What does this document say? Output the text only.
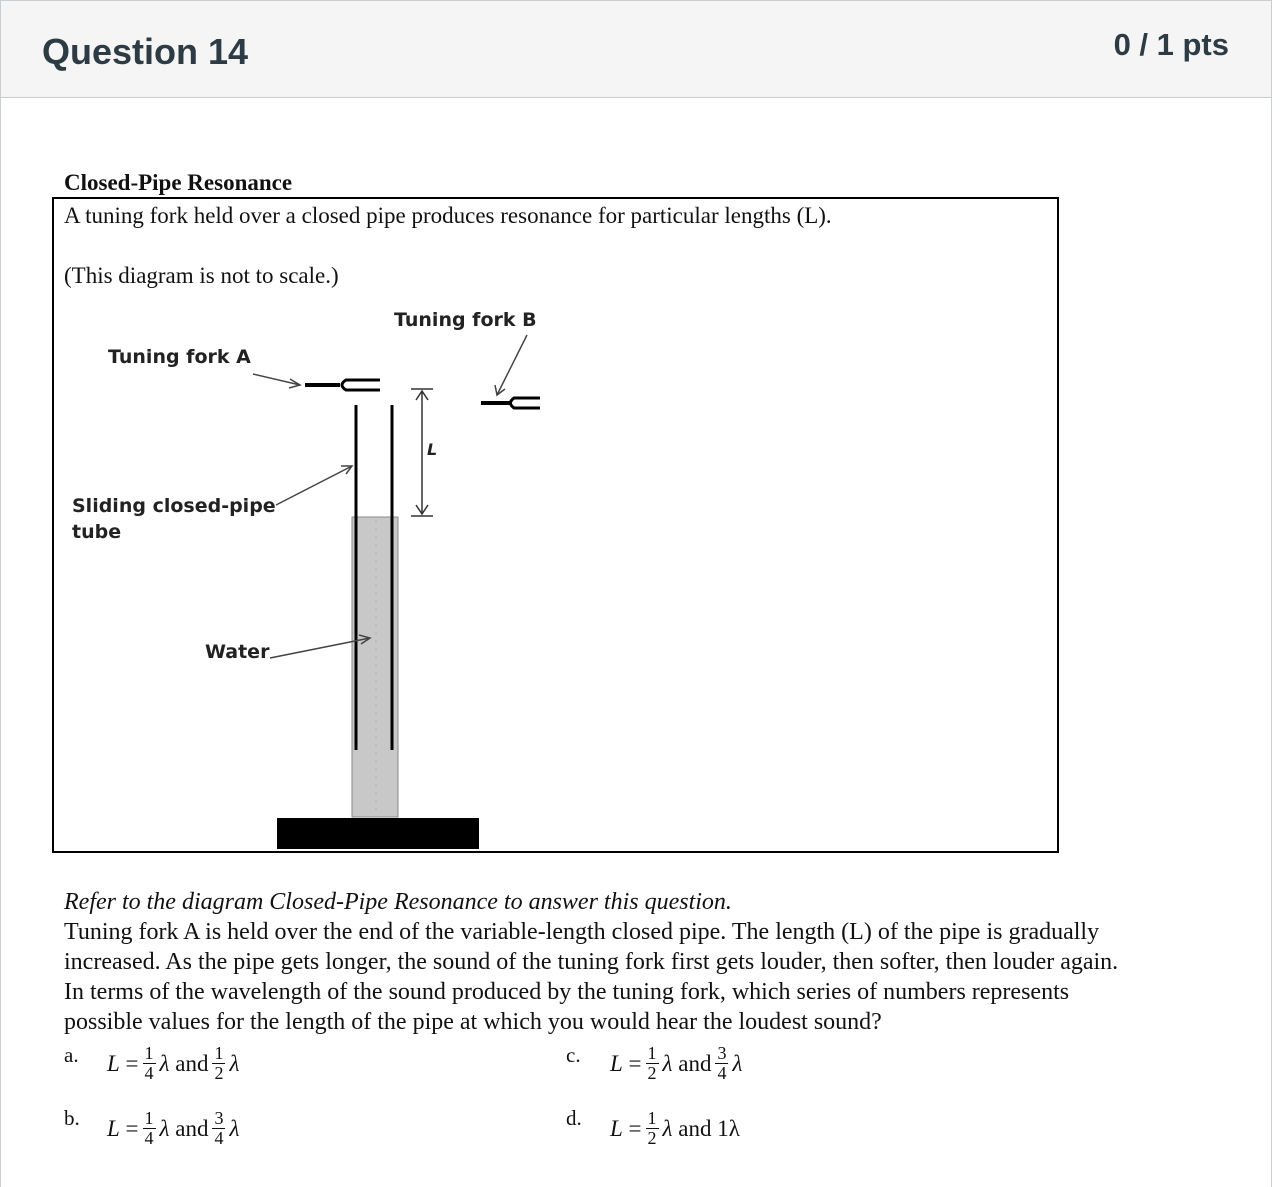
Question 14	0 / 1 pts
Closed-Pipe Resonance
A tuning fork held over a closed pipe produces resonance for particular lengths (L).
(This diagram is not to scale.)
Tuning fork A
Tuning fork B
Sliding closed-pipe
tube
Water
L
Refer to the diagram Closed-Pipe Resonance to answer this question.
Tuning fork A is held over the end of the variable-length closed pipe. The length (L) of the pipe is gradually
increased. As the pipe gets longer, the sound of the tuning fork first gets louder, then softer, then louder again.
In terms of the wavelength of the sound produced by the tuning fork, which series of numbers represents
possible values for the length of the pipe at which you would hear the loudest sound?
a. L
= $\frac{1}{4}$ λ
and $\frac{1}{2}$ λ
b. L
= $\frac{1}{4}$ λ
and $\frac{3}{4}$ λ
c. L
= $\frac{1}{2}$ λ
and $\frac{3}{4}$ λ
d. L
= $\frac{1}{2}$ λ
and
1λ
